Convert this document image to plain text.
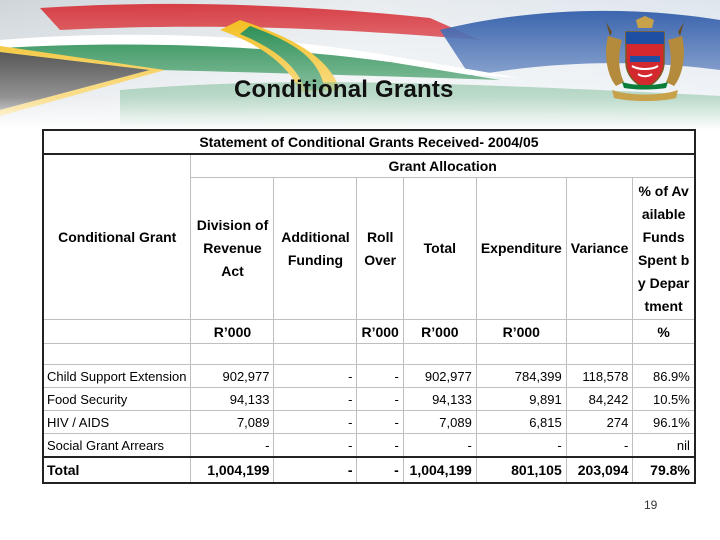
Conditional Grants
Statement of Conditional Grants Received- 2004/05							
Conditional Grant	Grant Allocation						
	Division of Revenue Act	Additional Funding	Roll Over	Total	Expenditure	Variance	% of Available Funds Spent by Department
	R’000		R’000	R’000	R’000		%

Child Support Extension	902,977	-	-	902,977	784,399	118,578	86.9%
Food Security	94,133	-	-	94,133	9,891	84,242	10.5%
HIV / AIDS	7,089	-	-	7,089	6,815	274	96.1%
Social Grant Arrears	-	-	-	-	-	-	nil
Total	1,004,199	-	-	1,004,199	801,105	203,094	79.8%
19
